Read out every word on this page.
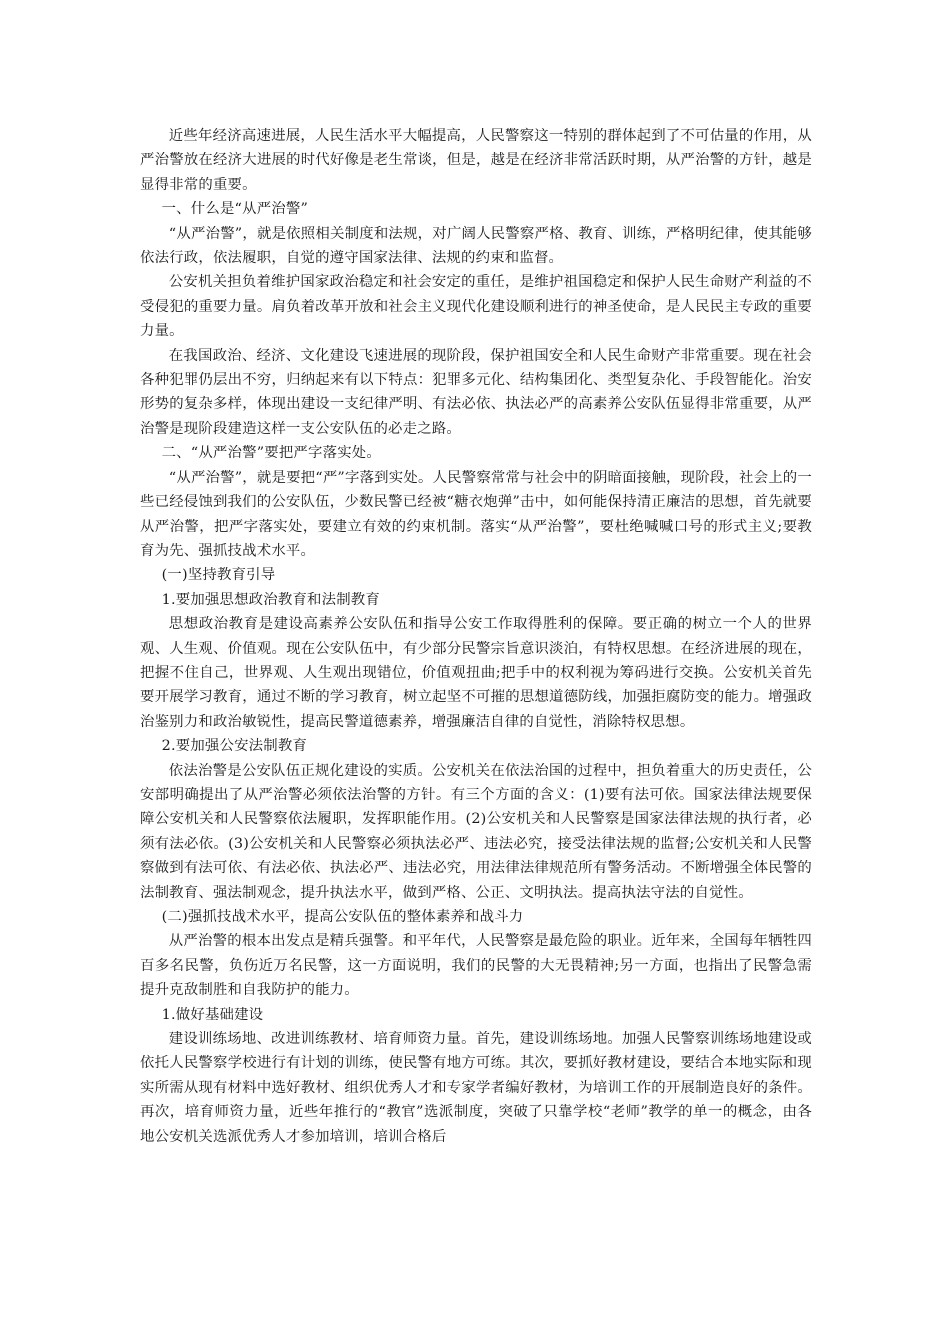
近些年经济高速进展，人民生活水平大幅提高，人民警察这一特别的群体起到了不可估量的作用，从严治警放在经济大进展的时代好像是老生常谈，但是，越是在经济非常活跃时期，从严治警的方针，越是显得非常的重要。

一、什么是“从严治警”

“从严治警”，就是依照相关制度和法规，对广阔人民警察严格、教育、训练，严格明纪律，使其能够依法行政，依法履职，自觉的遵守国家法律、法规的约束和监督。

公安机关担负着维护国家政治稳定和社会安定的重任，是维护祖国稳定和保护人民生命财产利益的不受侵犯的重要力量。肩负着改革开放和社会主义现代化建设顺利进行的神圣使命，是人民民主专政的重要力量。

在我国政治、经济、文化建设飞速进展的现阶段，保护祖国安全和人民生命财产非常重要。现在社会各种犯罪仍层出不穷，归纳起来有以下特点：犯罪多元化、结构集团化、类型复杂化、手段智能化。治安形势的复杂多样，体现出建设一支纪律严明、有法必依、执法必严的高素养公安队伍显得非常重要，从严治警是现阶段建造这样一支公安队伍的必走之路。

二、“从严治警”要把严字落实处。

“从严治警”，就是要把“严”字落到实处。人民警察常常与社会中的阴暗面接触，现阶段，社会上的一些已经侵蚀到我们的公安队伍，少数民警已经被“糖衣炮弹”击中，如何能保持清正廉洁的思想，首先就要从严治警，把严字落实处，要建立有效的约束机制。落实“从严治警”，要杜绝喊喊口号的形式主义;要教育为先、强抓技战术水平。

(一)坚持教育引导

1.要加强思想政治教育和法制教育

思想政治教育是建设高素养公安队伍和指导公安工作取得胜利的保障。要正确的树立一个人的世界观、人生观、价值观。现在公安队伍中，有少部分民警宗旨意识淡泊，有特权思想。在经济进展的现在，把握不住自己，世界观、人生观出现错位，价值观扭曲;把手中的权利视为筹码进行交换。公安机关首先要开展学习教育，通过不断的学习教育，树立起坚不可摧的思想道德防线，加强拒腐防变的能力。增强政治鉴别力和政治敏锐性，提高民警道德素养，增强廉洁自律的自觉性，消除特权思想。

2.要加强公安法制教育

依法治警是公安队伍正规化建设的实质。公安机关在依法治国的过程中，担负着重大的历史责任，公安部明确提出了从严治警必须依法治警的方针。有三个方面的含义：(1)要有法可依。国家法律法规要保障公安机关和人民警察依法履职，发挥职能作用。(2)公安机关和人民警察是国家法律法规的执行者，必须有法必依。(3)公安机关和人民警察必须执法必严、违法必究，接受法律法规的监督;公安机关和人民警察做到有法可依、有法必依、执法必严、违法必究，用法律法律规范所有警务活动。不断增强全体民警的法制教育、强法制观念，提升执法水平，做到严格、公正、文明执法。提高执法守法的自觉性。

(二)强抓技战术水平，提高公安队伍的整体素养和战斗力

从严治警的根本出发点是精兵强警。和平年代，人民警察是最危险的职业。近年来，全国每年牺牲四百多名民警，负伤近万名民警，这一方面说明，我们的民警的大无畏精神;另一方面，也指出了民警急需提升克敌制胜和自我防护的能力。

1.做好基础建设

建设训练场地、改进训练教材、培育师资力量。首先，建设训练场地。加强人民警察训练场地建设或依托人民警察学校进行有计划的训练，使民警有地方可练。其次，要抓好教材建设，要结合本地实际和现实所需从现有材料中选好教材、组织优秀人才和专家学者编好教材，为培训工作的开展制造良好的条件。再次，培育师资力量，近些年推行的“教官”选派制度，突破了只靠学校“老师”教学的单一的概念，由各地公安机关选派优秀人才参加培训，培训合格后
